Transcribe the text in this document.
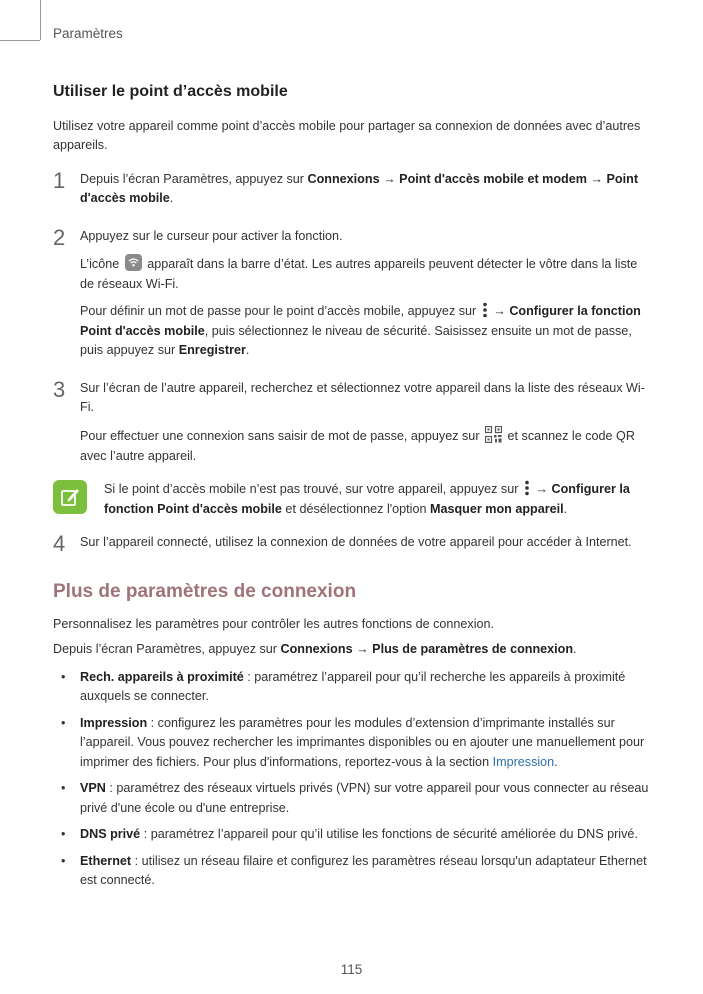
Paramètres
Utiliser le point d’accès mobile

Utilisez votre appareil comme point d’accès mobile pour partager sa connexion de données avec d’autres appareils.

1	Depuis l’écran Paramètres, appuyez sur Connexions → Point d'accès mobile et modem → Point d'accès mobile.

2	Appuyez sur le curseur pour activer la fonction.

L’icône
apparaît dans la barre d’état. Les autres appareils peuvent détecter le vôtre dans la liste de réseaux Wi-Fi.

Pour définir un mot de passe pour le point d’accès mobile, appuyez sur  → Configurer la fonction Point d'accès mobile, puis sélectionnez le niveau de sécurité. Saisissez ensuite un mot de passe, puis appuyez sur Enregistrer.

3	Sur l’écran de l’autre appareil, recherchez et sélectionnez votre appareil dans la liste des réseaux Wi-Fi.

Pour effectuer une connexion sans saisir de mot de passe, appuyez sur  et scannez le code QR avec l’autre appareil.

Si le point d’accès mobile n’est pas trouvé, sur votre appareil, appuyez sur  → Configurer la fonction Point d'accès mobile et désélectionnez l'option Masquer mon appareil.

4	Sur l’appareil connecté, utilisez la connexion de données de votre appareil pour accéder à Internet.

Plus de paramètres de connexion

Personnalisez les paramètres pour contrôler les autres fonctions de connexion.

Depuis l’écran Paramètres, appuyez sur Connexions → Plus de paramètres de connexion.

• Rech. appareils à proximité : paramétrez l’appareil pour qu’il recherche les appareils à proximité auxquels se connecter.
• Impression : configurez les paramètres pour les modules d’extension d’imprimante installés sur l’appareil. Vous pouvez rechercher les imprimantes disponibles ou en ajouter une manuellement pour imprimer des fichiers. Pour plus d'informations, reportez-vous à la section Impression.
• VPN : paramétrez des réseaux virtuels privés (VPN) sur votre appareil pour vous connecter au réseau privé d'une école ou d'une entreprise.
• DNS privé : paramétrez l’appareil pour qu’il utilise les fonctions de sécurité améliorée du DNS privé.
• Ethernet : utilisez un réseau filaire et configurez les paramètres réseau lorsqu'un adaptateur Ethernet est connecté.
115
